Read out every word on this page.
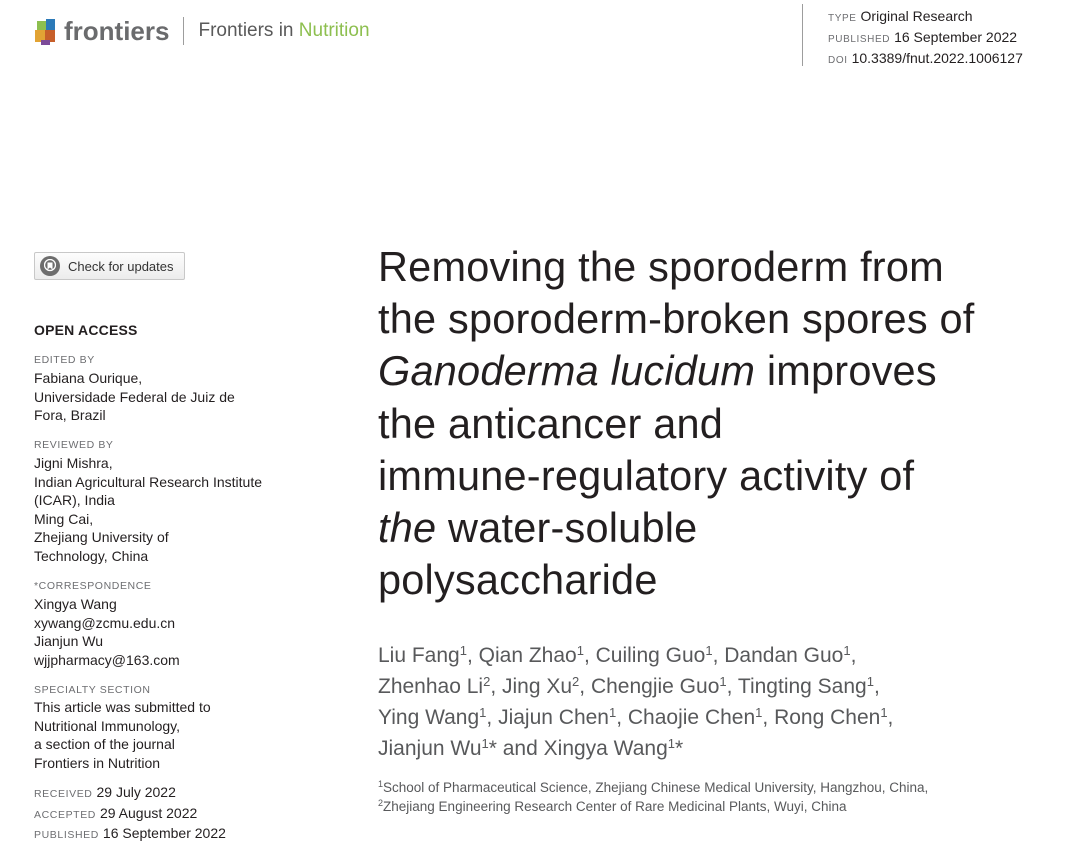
frontiers Frontiers in Nutrition
TYPE Original Research
PUBLISHED 16 September 2022
DOI 10.3389/fnut.2022.1006127
Check for updates
OPEN ACCESS
EDITED BY
Fabiana Ourique,
Universidade Federal de Juiz de
Fora, Brazil
REVIEWED BY
Jigni Mishra,
Indian Agricultural Research Institute
(ICAR), India
Ming Cai,
Zhejiang University of
Technology, China
*CORRESPONDENCE
Xingya Wang
xywang@zcmu.edu.cn
Jianjun Wu
wjjpharmacy@163.com
SPECIALTY SECTION
This article was submitted to
Nutritional Immunology,
a section of the journal
Frontiers in Nutrition
RECEIVED 29 July 2022
ACCEPTED 29 August 2022
PUBLISHED 16 September 2022
Removing the sporoderm from
the sporoderm-broken spores of
Ganoderma lucidum improves
the anticancer and
immune-regulatory activity of
the water-soluble
polysaccharide
Liu Fang$^1$, Qian Zhao$^1$, Cuiling Guo$^1$, Dandan Guo$^1$,
Zhenhao Li$^2$, Jing Xu$^2$, Chengjie Guo$^1$, Tingting Sang$^1$,
Ying Wang$^1$, Jiajun Chen$^1$, Chaojie Chen$^1$, Rong Chen$^1$,
Jianjun Wu$^1$* and Xingya Wang$^1$*
$^1$School of Pharmaceutical Science, Zhejiang Chinese Medical University, Hangzhou, China,
$^2$Zhejiang Engineering Research Center of Rare Medicinal Plants, Wuyi, China
